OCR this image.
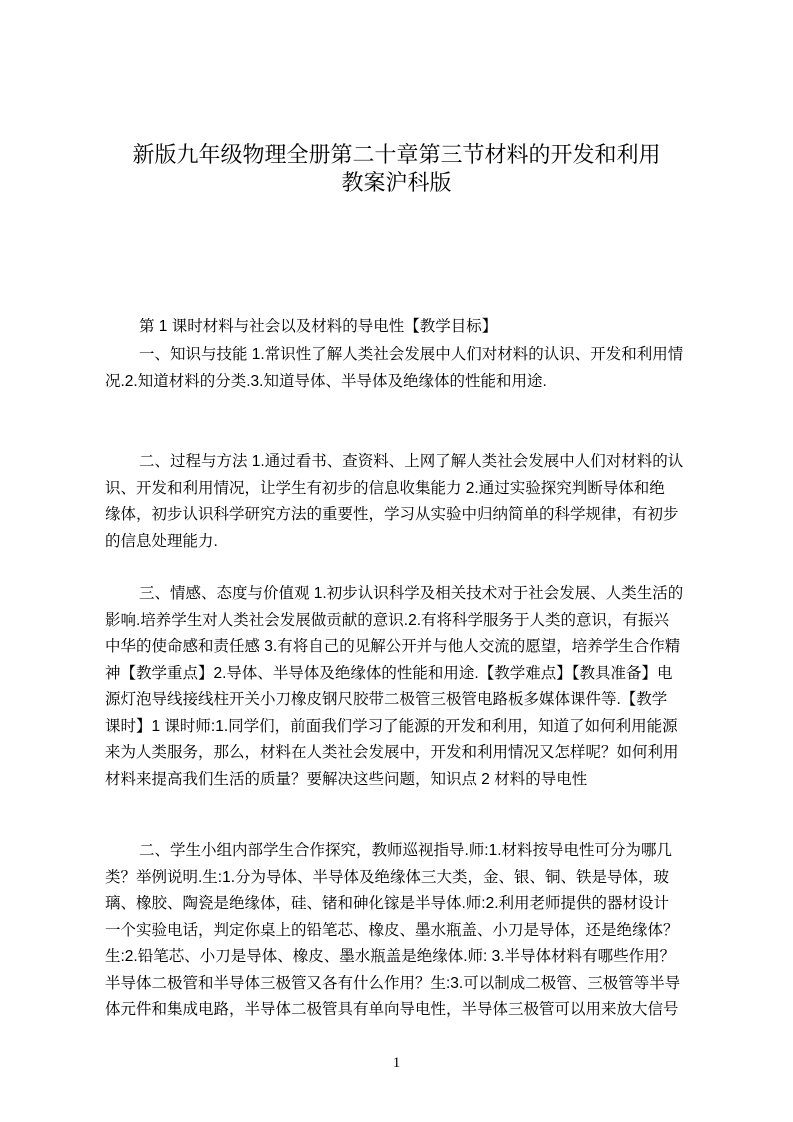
新版九年级物理全册第二十章第三节材料的开发和利用
教案沪科版
第 1 课时材料与社会以及材料的导电性【教学目标】
一、知识与技能 1.常识性了解人类社会发展中人们对材料的认识、开发和利用情
况.2.知道材料的分类.3.知道导体、半导体及绝缘体的性能和用途.
二、过程与方法 1.通过看书、查资料、上网了解人类社会发展中人们对材料的认
识、开发和利用情况，让学生有初步的信息收集能力 2.通过实验探究判断导体和绝
缘体，初步认识科学研究方法的重要性，学习从实验中归纳简单的科学规律，有初步
的信息处理能力.
三、情感、态度与价值观 1.初步认识科学及相关技术对于社会发展、人类生活的
影响.培养学生对人类社会发展做贡献的意识.2.有将科学服务于人类的意识，有振兴
中华的使命感和责任感 3.有将自己的见解公开并与他人交流的愿望，培养学生合作精
神【教学重点】2.导体、半导体及绝缘体的性能和用途.【教学难点】【教具准备】电
源灯泡导线接线柱开关小刀橡皮钢尺胶带二极管三极管电路板多媒体课件等.【教学
课时】1 课时师:1.同学们，前面我们学习了能源的开发和利用，知道了如何利用能源
来为人类服务，那么，材料在人类社会发展中，开发和利用情况又怎样呢？如何利用
材料来提高我们生活的质量？要解决这些问题，知识点 2 材料的导电性
二、学生小组内部学生合作探究，教师巡视指导.师:1.材料按导电性可分为哪几
类？举例说明.生:1.分为导体、半导体及绝缘体三大类，金、银、铜、铁是导体，玻
璃、橡胶、陶瓷是绝缘体，硅、锗和砷化镓是半导体.师:2.利用老师提供的器材设计
一个实验电话，判定你桌上的铅笔芯、橡皮、墨水瓶盖、小刀是导体，还是绝缘体？
生:2.铅笔芯、小刀是导体、橡皮、墨水瓶盖是绝缘体.师: 3.半导体材料有哪些作用？
半导体二极管和半导体三极管又各有什么作用？生:3.可以制成二极管、三极管等半导
体元件和集成电路，半导体二极管具有单向导电性，半导体三极管可以用来放大信号
1
